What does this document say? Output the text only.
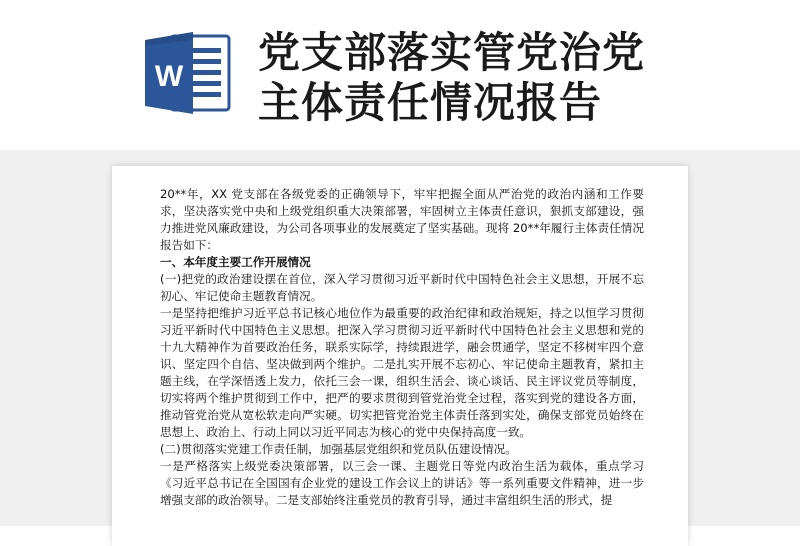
W 党支部落实管党治党
主体责任情况报告

20**年，XX 党支部在各级党委的正确领导下，牢牢把握全面从严治党的政治内涵和工作要求，坚决落实党中央和上级党组织重大决策部署，牢固树立主体责任意识，狠抓支部建设，强力推进党风廉政建设，为公司各项事业的发展奠定了坚实基础。现将 20**年履行主体责任情况报告如下：

一、本年度主要工作开展情况

(一)把党的政治建设摆在首位，深入学习贯彻习近平新时代中国特色社会主义思想，开展不忘初心、牢记使命主题教育情况。

一是坚持把维护习近平总书记核心地位作为最重要的政治纪律和政治规矩，持之以恒学习贯彻习近平新时代中国特色主义思想。把深入学习贯彻习近平新时代中国特色社会主义思想和党的十九大精神作为首要政治任务，联系实际学，持续跟进学，融会贯通学，坚定不移树牢四个意识、坚定四个自信、坚决做到两个维护。二是扎实开展不忘初心、牢记使命主题教育，紧扣主题主线，在学深悟透上发力，依托三会一课，组织生活会、谈心谈话、民主评议党员等制度，切实将两个维护贯彻到工作中，把严的要求贯彻到管党治党全过程，落实到党的建设各方面，推动管党治党从宽松软走向严实硬。切实把管党治党主体责任落到实处，确保支部党员始终在思想上、政治上、行动上同以习近平同志为核心的党中央保持高度一致。

(二)贯彻落实党建工作责任制，加强基层党组织和党员队伍建设情况。

一是严格落实上级党委决策部署，以三会一课、主题党日等党内政治生活为载体，重点学习《习近平总书记在全国国有企业党的建设工作会议上的讲话》等一系列重要文件精神，进一步增强支部的政治领导。二是支部始终注重党员的教育引导，通过丰富组织生活的形式，提
